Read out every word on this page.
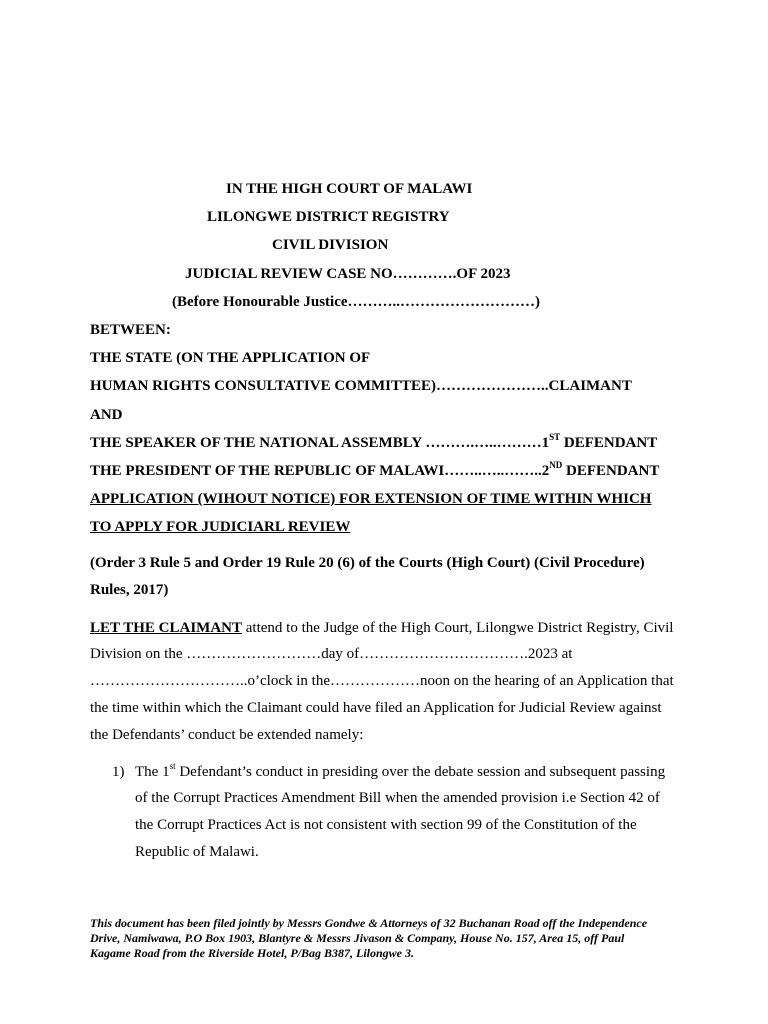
IN THE HIGH COURT OF MALAWI
LILONGWE DISTRICT REGISTRY
CIVIL DIVISION
JUDICIAL REVIEW CASE NO………….OF 2023
(Before Honourable Justice………..………………………)
BETWEEN:
THE STATE (ON THE APPLICATION OF
HUMAN RIGHTS CONSULTATIVE COMMITTEE)…………………..CLAIMANT
AND
THE SPEAKER OF THE NATIONAL ASSEMBLY ……….…..………1ST DEFENDANT
THE PRESIDENT OF THE REPUBLIC OF MALAWI……..…..……..2ND DEFENDANT
APPLICATION (WIHOUT NOTICE) FOR EXTENSION OF TIME WITHIN WHICH
TO APPLY FOR JUDICIARL REVIEW
(Order 3 Rule 5 and Order 19 Rule 20 (6) of the Courts (High Court) (Civil Procedure)
Rules, 2017)
LET THE CLAIMANT attend to the Judge of the High Court, Lilongwe District Registry, Civil
Division on the ………………………day of…………………………….2023 at
…………………………..o’clock in the………………noon on the hearing of an Application that
the time within which the Claimant could have filed an Application for Judicial Review against
the Defendants’ conduct be extended namely:
1) The 1st Defendant’s conduct in presiding over the debate session and subsequent passing
of the Corrupt Practices Amendment Bill when the amended provision i.e Section 42 of
the Corrupt Practices Act is not consistent with section 99 of the Constitution of the
Republic of Malawi.
This document has been filed jointly by Messrs Gondwe & Attorneys of 32 Buchanan Road off the Independence
Drive, Namiwawa, P.O Box 1903, Blantyre & Messrs Jivason & Company, House No. 157, Area 15, off Paul
Kagame Road from the Riverside Hotel, P/Bag B387, Lilongwe 3.
